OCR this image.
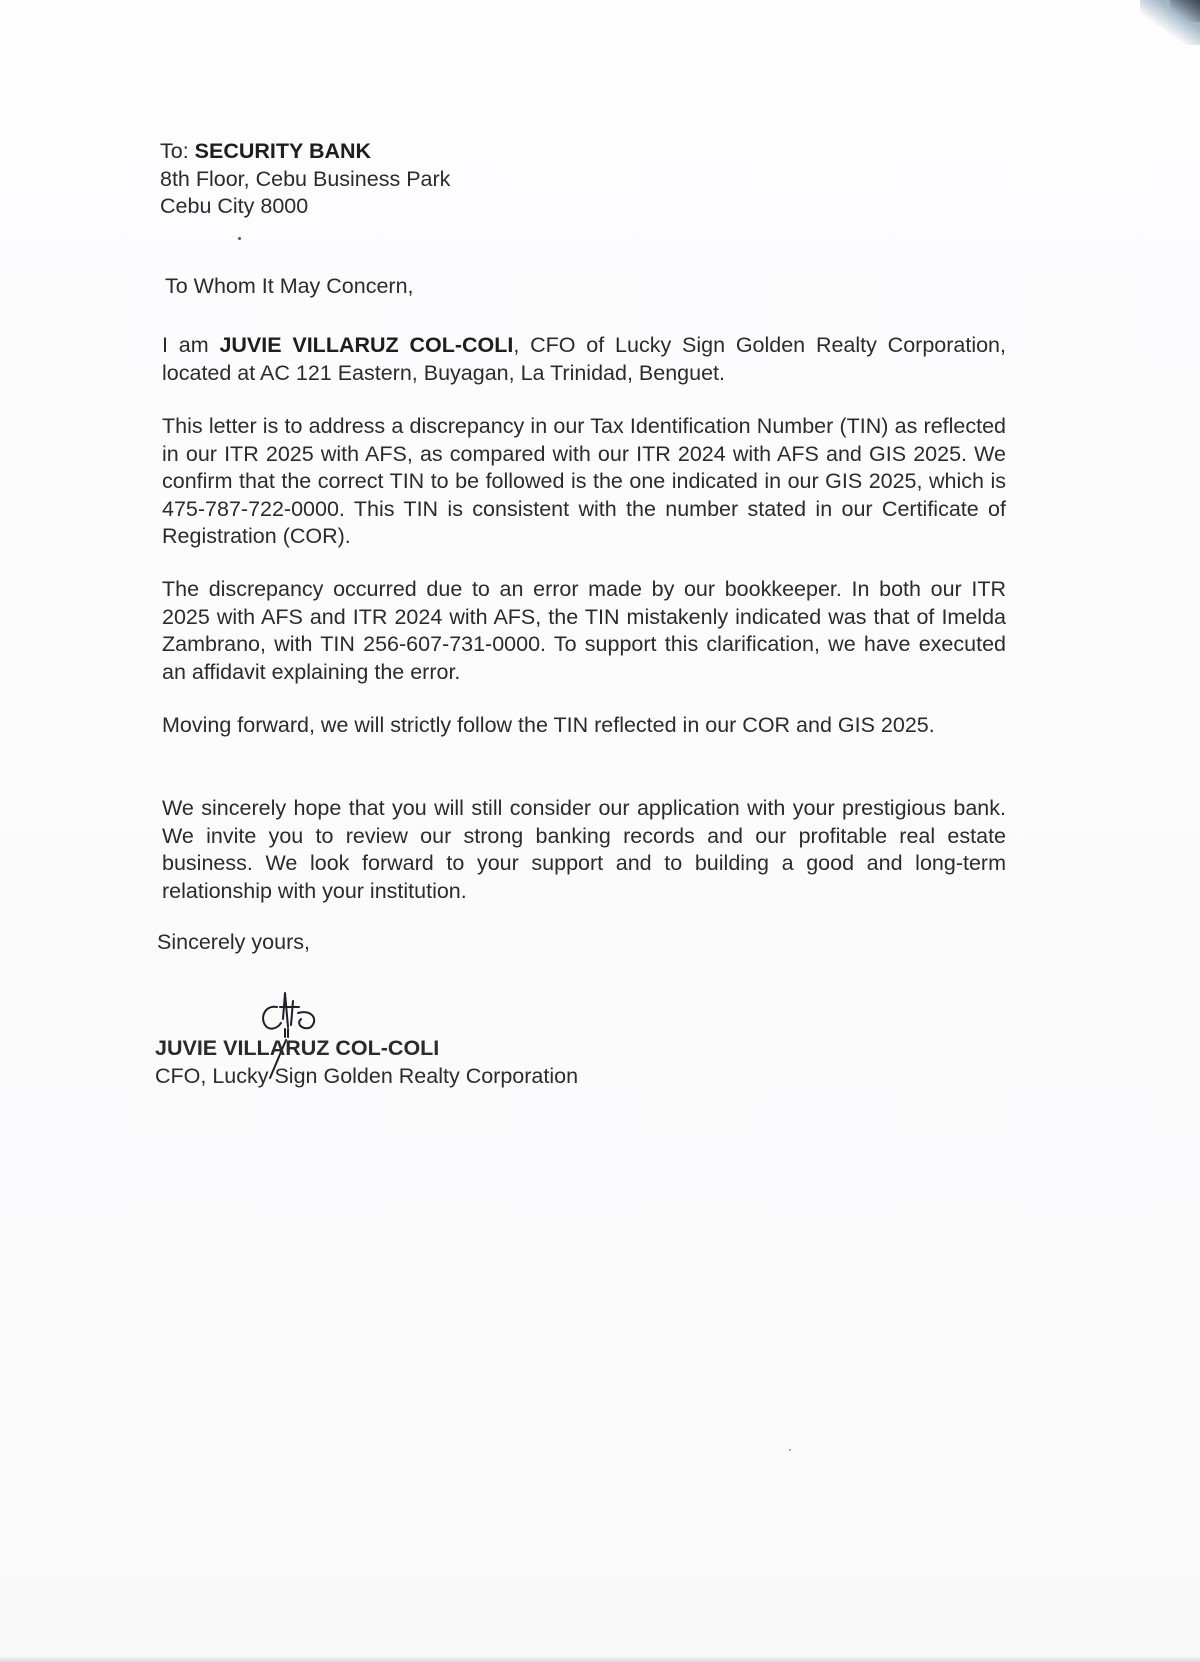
To: SECURITY BANK
8th Floor, Cebu Business Park
Cebu City 8000
To Whom It May Concern,
I am JUVIE VILLARUZ COL-COLI, CFO of Lucky Sign Golden Realty Corporation, located at AC 121 Eastern, Buyagan, La Trinidad, Benguet.
This letter is to address a discrepancy in our Tax Identification Number (TIN) as reflected in our ITR 2025 with AFS, as compared with our ITR 2024 with AFS and GIS 2025. We confirm that the correct TIN to be followed is the one indicated in our GIS 2025, which is 475-787-722-0000. This TIN is consistent with the number stated in our Certificate of Registration (COR).
The discrepancy occurred due to an error made by our bookkeeper. In both our ITR 2025 with AFS and ITR 2024 with AFS, the TIN mistakenly indicated was that of Imelda Zambrano, with TIN 256-607-731-0000. To support this clarification, we have executed an affidavit explaining the error.
Moving forward, we will strictly follow the TIN reflected in our COR and GIS 2025.
We sincerely hope that you will still consider our application with your prestigious bank. We invite you to review our strong banking records and our profitable real estate business. We look forward to your support and to building a good and long-term relationship with your institution.
Sincerely yours,
JUVIE VILLARUZ COL-COLI
CFO, Lucky Sign Golden Realty Corporation
